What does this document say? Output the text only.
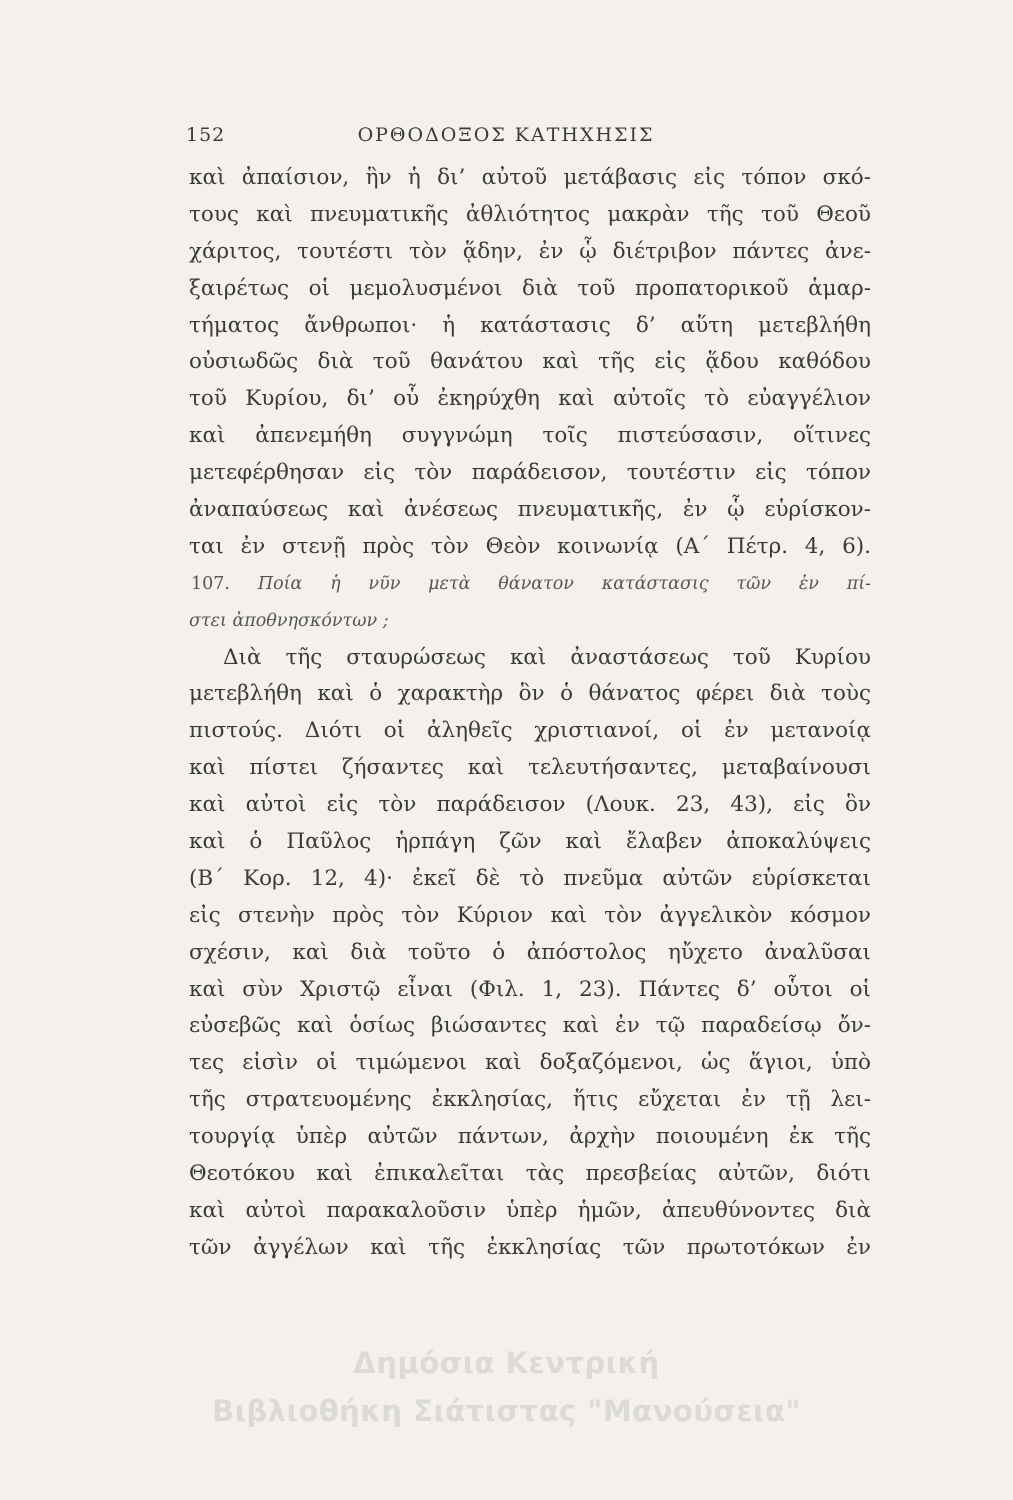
152	ΟΡΘΟΔΟΞΟΣ ΚΑΤΗΧΗΣΙΣ
καὶ ἀπαίσιον, ἣν ἡ δι’ αὐτοῦ μετάβασις εἰς τόπον σκό-
τους καὶ πνευματικῆς ἀθλιότητος μακρὰν τῆς τοῦ Θεοῦ
χάριτος, τουτέστι τὸν ᾅδην, ἐν ᾧ διέτριβον πάντες ἀνε-
ξαιρέτως οἱ μεμολυσμένοι διὰ τοῦ προπατορικοῦ ἁμαρ-
τήματος ἄνθρωποι· ἡ κατάστασις δ’ αὕτη μετεβλήθη
οὐσιωδῶς διὰ τοῦ θανάτου καὶ τῆς εἰς ᾅδου καθόδου
τοῦ Κυρίου, δι’ οὗ ἐκηρύχθη καὶ αὐτοῖς τὸ εὐαγγέλιον
καὶ ἀπενεμήθη συγγνώμη τοῖς πιστεύσασιν, οἵτινες
μετεφέρθησαν εἰς τὸν παράδεισον, τουτέστιν εἰς τόπον
ἀναπαύσεως καὶ ἀνέσεως πνευματικῆς, ἐν ᾧ εὑρίσκον-
ται ἐν στενῇ πρὸς τὸν Θεὸν κοινωνίᾳ (Α΄ Πέτρ. 4, 6).
107. Ποία ἡ νῦν μετὰ θάνατον κατάστασις τῶν ἐν πί-
στει ἀποθνησκόντων ;
Διὰ τῆς σταυρώσεως καὶ ἀναστάσεως τοῦ Κυρίου
μετεβλήθη καὶ ὁ χαρακτὴρ ὃν ὁ θάνατος φέρει διὰ τοὺς
πιστούς. Διότι οἱ ἀληθεῖς χριστιανοί, οἱ ἐν μετανοίᾳ
καὶ πίστει ζήσαντες καὶ τελευτήσαντες, μεταβαίνουσι
καὶ αὐτοὶ εἰς τὸν παράδεισον (Λουκ. 23, 43), εἰς ὃν
καὶ ὁ Παῦλος ἡρπάγη ζῶν καὶ ἔλαβεν ἀποκαλύψεις
(Β΄ Κορ. 12, 4)· ἐκεῖ δὲ τὸ πνεῦμα αὐτῶν εὑρίσκεται
εἰς στενὴν πρὸς τὸν Κύριον καὶ τὸν ἀγγελικὸν κόσμον
σχέσιν, καὶ διὰ τοῦτο ὁ ἀπόστολος ηὔχετο ἀναλῦσαι
καὶ σὺν Χριστῷ εἶναι (Φιλ. 1, 23). Πάντες δ’ οὗτοι οἱ
εὐσεβῶς καὶ ὁσίως βιώσαντες καὶ ἐν τῷ παραδείσῳ ὄν-
τες εἰσὶν οἱ τιμώμενοι καὶ δοξαζόμενοι, ὡς ἅγιοι, ὑπὸ
τῆς στρατευομένης ἐκκλησίας, ἥτις εὔχεται ἐν τῇ λει-
τουργίᾳ ὑπὲρ αὐτῶν πάντων, ἀρχὴν ποιουμένη ἐκ τῆς
Θεοτόκου καὶ ἐπικαλεῖται τὰς πρεσβείας αὐτῶν, διότι
καὶ αὐτοὶ παρακαλοῦσιν ὑπὲρ ἡμῶν, ἀπευθύνοντες διὰ
τῶν ἀγγέλων καὶ τῆς ἐκκλησίας τῶν πρωτοτόκων ἐν
Δημόσια Κεντρική
Βιβλιοθήκη Σιάτιστας "Μανούσεια"
